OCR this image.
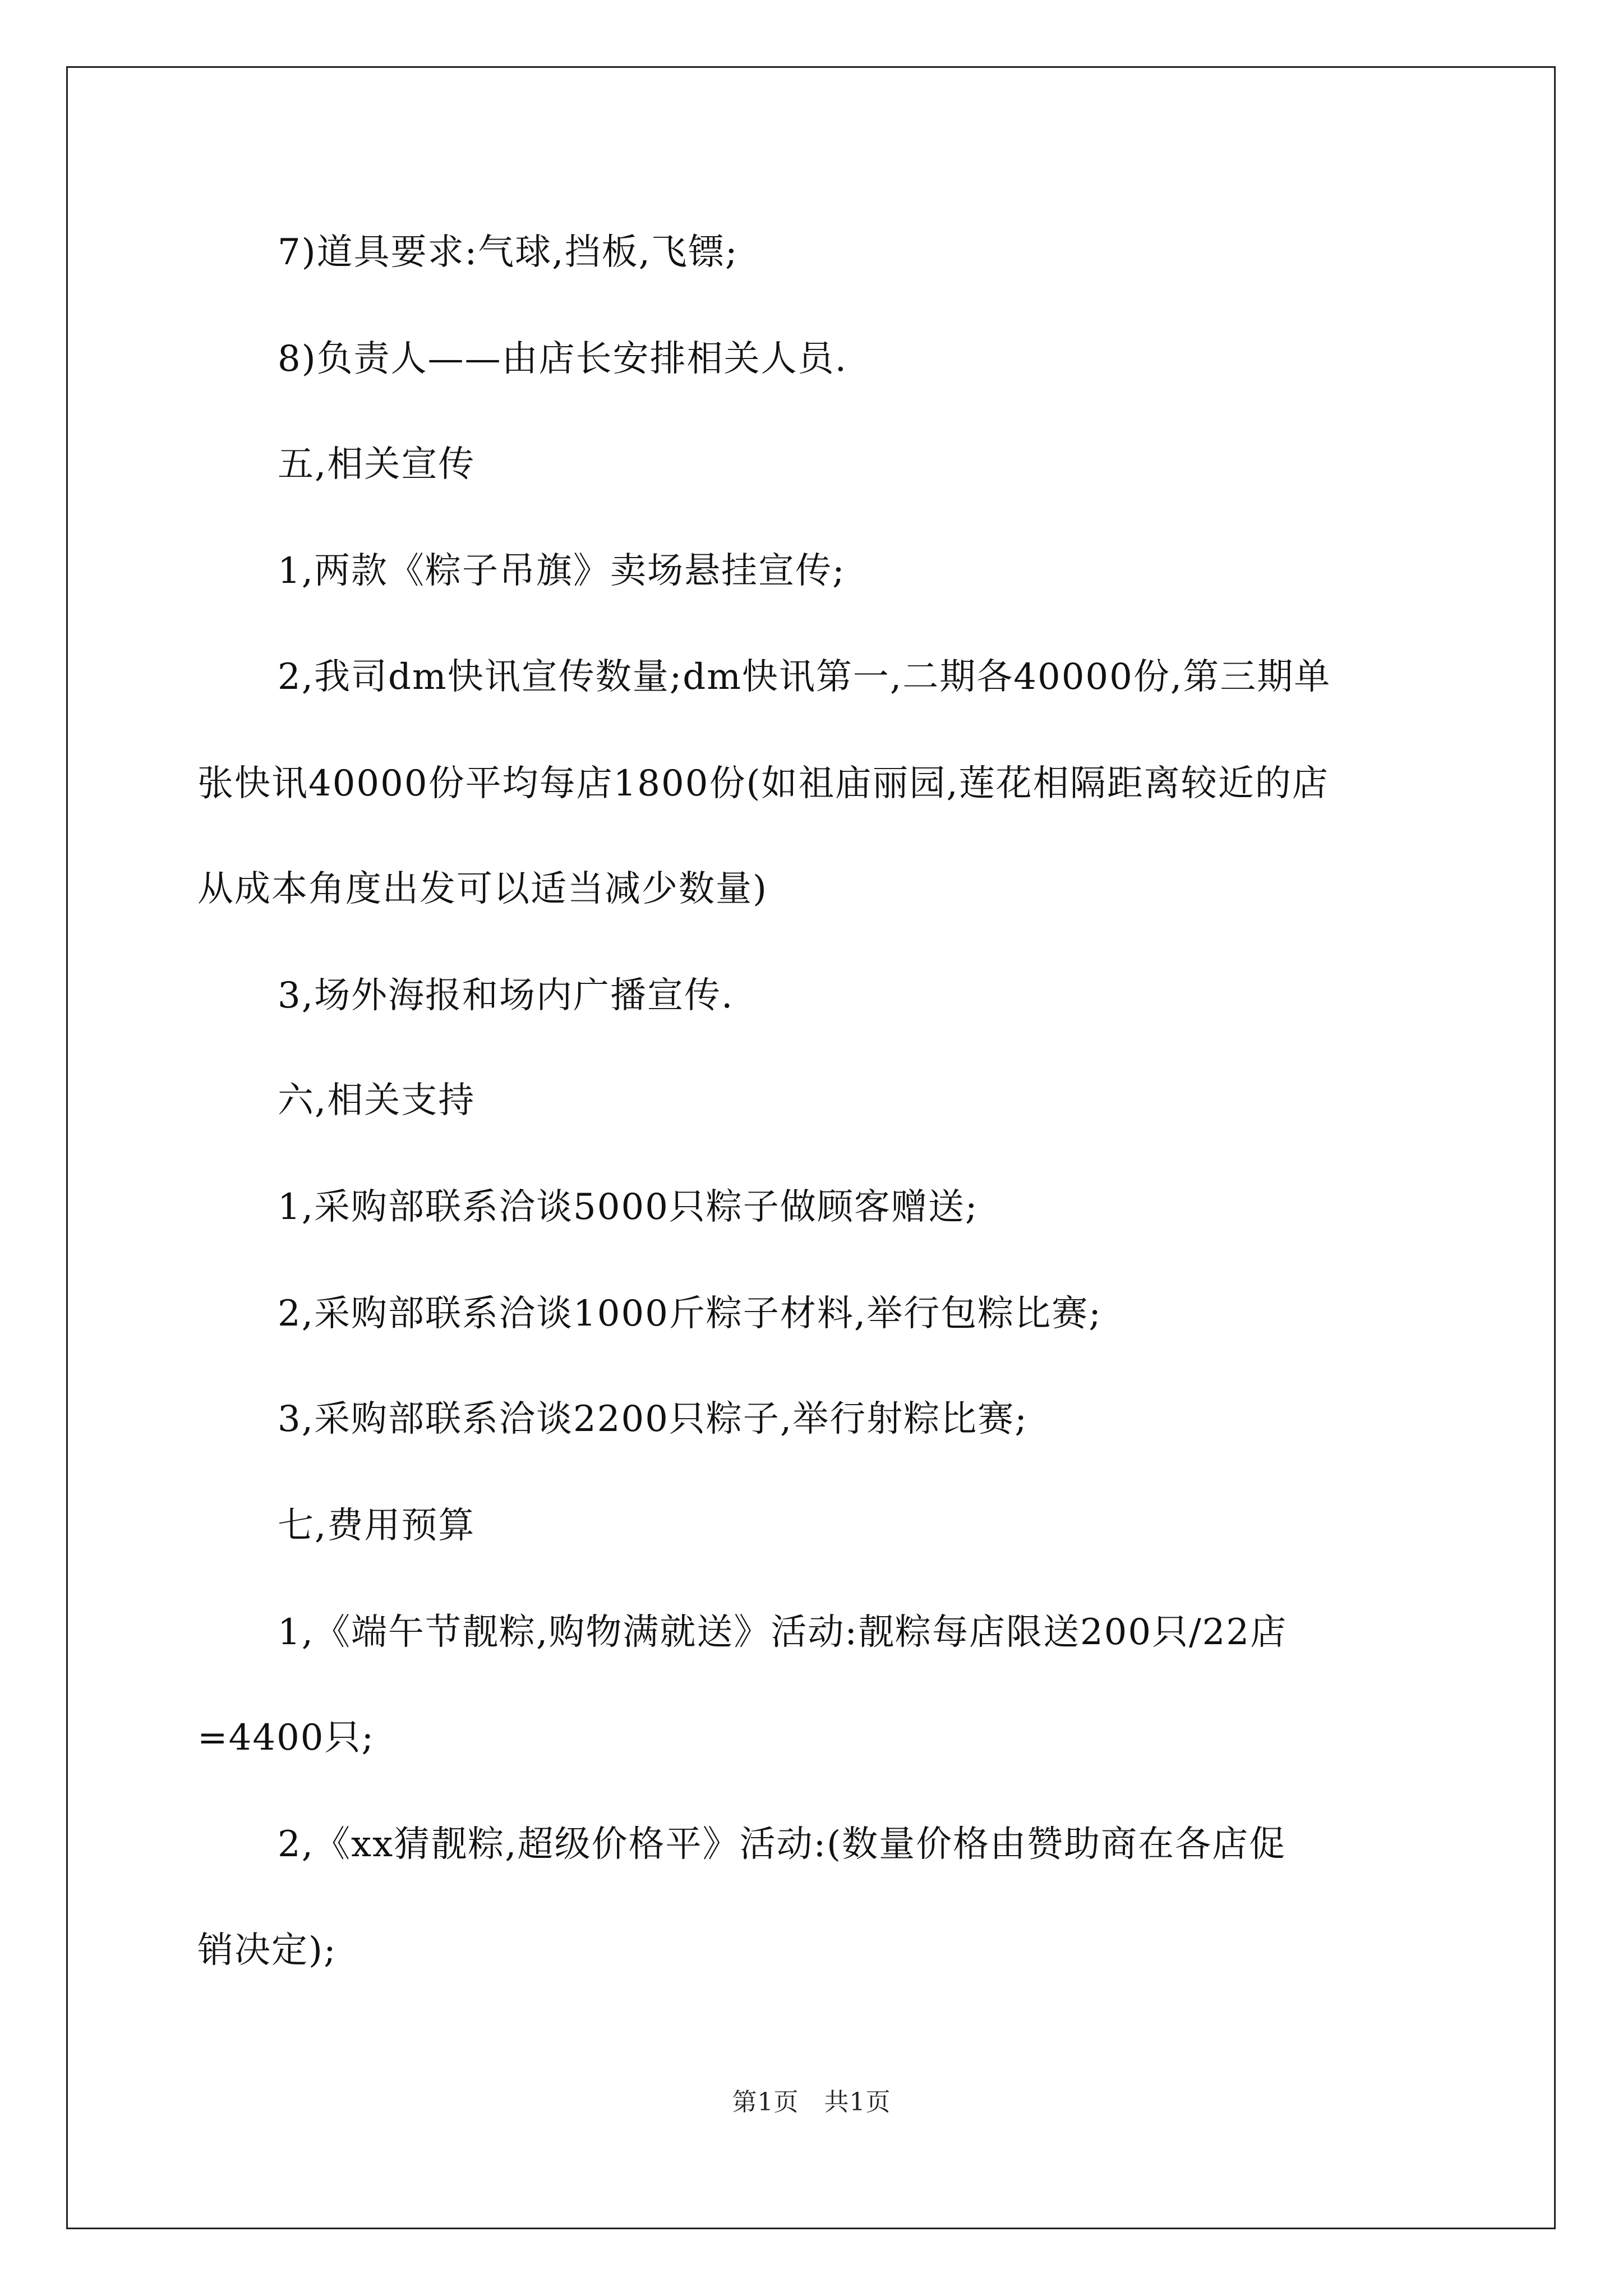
7)道具要求:气球,挡板,飞镖;

8)负责人——由店长安排相关人员.

五,相关宣传

1,两款《粽子吊旗》卖场悬挂宣传;

2,我司dm快讯宣传数量;dm快讯第一,二期各40000份,第三期单

张快讯40000份平均每店1800份(如祖庙丽园,莲花相隔距离较近的店

从成本角度出发可以适当减少数量)

3,场外海报和场内广播宣传.

六,相关支持

1,采购部联系洽谈5000只粽子做顾客赠送;

2,采购部联系洽谈1000斤粽子材料,举行包粽比赛;

3,采购部联系洽谈2200只粽子,举行射粽比赛;

七,费用预算

1,《端午节靓粽,购物满就送》活动:靓粽每店限送200只/22店

=4400只;

2,《xx猜靓粽,超级价格平》活动:(数量价格由赞助商在各店促

销决定);

第1页　共1页
